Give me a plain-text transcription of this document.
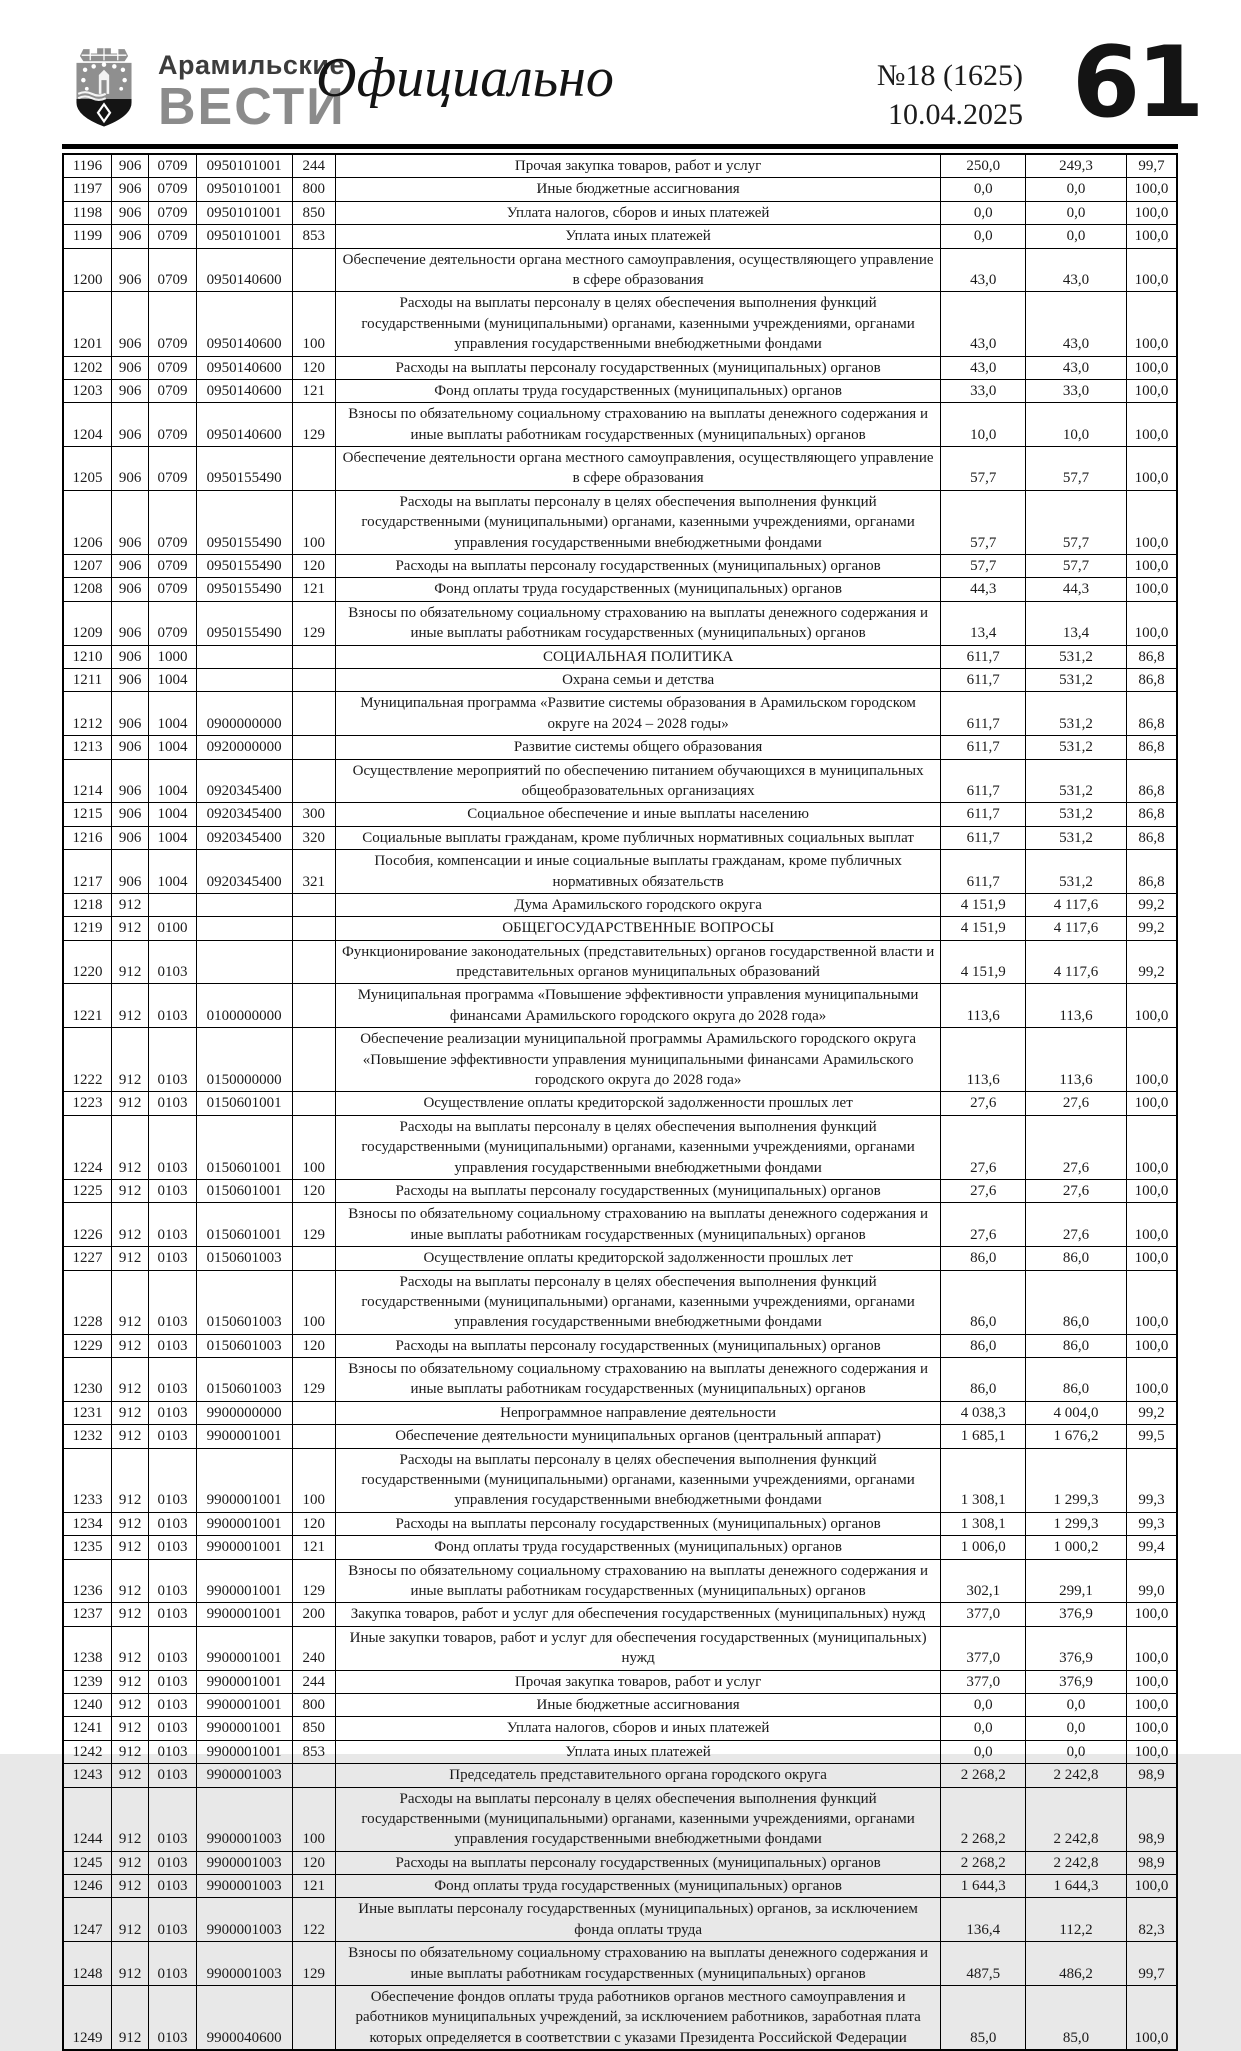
Арамильские
ВЕСТИ
Официально	№18 (1625)
10.04.2025 61
1196	906	0709	0950101001	244	Прочая закупка товаров, работ и услуг	250,0	249,3	99,7
1197	906	0709	0950101001	800	Иные бюджетные ассигнования	0,0	0,0	100,0
1198	906	0709	0950101001	850	Уплата налогов, сборов и иных платежей	0,0	0,0	100,0
1199	906	0709	0950101001	853	Уплата иных платежей	0,0	0,0	100,0
1200	906	0709	0950140600		Обеспечение деятельности органа местного самоуправления, осуществляющего управление в сфере образования	43,0	43,0	100,0
1201	906	0709	0950140600	100	Расходы на выплаты персоналу в целях обеспечения выполнения функций государственными (муниципальными) органами, казенными учреждениями, органами управления государственными внебюджетными фондами	43,0	43,0	100,0
1202	906	0709	0950140600	120	Расходы на выплаты персоналу государственных (муниципальных) органов	43,0	43,0	100,0
1203	906	0709	0950140600	121	Фонд оплаты труда государственных (муниципальных) органов	33,0	33,0	100,0
1204	906	0709	0950140600	129	Взносы по обязательному социальному страхованию на выплаты денежного содержания и иные выплаты работникам государственных (муниципальных) органов	10,0	10,0	100,0
1205	906	0709	0950155490		Обеспечение деятельности органа местного самоуправления, осуществляющего управление в сфере образования	57,7	57,7	100,0
1206	906	0709	0950155490	100	Расходы на выплаты персоналу в целях обеспечения выполнения функций государственными (муниципальными) органами, казенными учреждениями, органами управления государственными внебюджетными фондами	57,7	57,7	100,0
1207	906	0709	0950155490	120	Расходы на выплаты персоналу государственных (муниципальных) органов	57,7	57,7	100,0
1208	906	0709	0950155490	121	Фонд оплаты труда государственных (муниципальных) органов	44,3	44,3	100,0
1209	906	0709	0950155490	129	Взносы по обязательному социальному страхованию на выплаты денежного содержания и иные выплаты работникам государственных (муниципальных) органов	13,4	13,4	100,0
1210	906	1000			СОЦИАЛЬНАЯ ПОЛИТИКА	611,7	531,2	86,8
1211	906	1004			Охрана семьи и детства	611,7	531,2	86,8
1212	906	1004	0900000000		Муниципальная программа «Развитие системы образования в Арамильском городском округе на 2024 – 2028 годы»	611,7	531,2	86,8
1213	906	1004	0920000000		Развитие системы общего образования	611,7	531,2	86,8
1214	906	1004	0920345400		Осуществление мероприятий по обеспечению питанием обучающихся в муниципальных общеобразовательных организациях	611,7	531,2	86,8
1215	906	1004	0920345400	300	Социальное обеспечение и иные выплаты населению	611,7	531,2	86,8
1216	906	1004	0920345400	320	Социальные выплаты гражданам, кроме публичных нормативных социальных выплат	611,7	531,2	86,8
1217	906	1004	0920345400	321	Пособия, компенсации и иные социальные выплаты гражданам, кроме публичных нормативных обязательств	611,7	531,2	86,8
1218	912				Дума Арамильского городского округа	4 151,9	4 117,6	99,2
1219	912	0100			ОБЩЕГОСУДАРСТВЕННЫЕ ВОПРОСЫ	4 151,9	4 117,6	99,2
1220	912	0103			Функционирование законодательных (представительных) органов государственной власти и представительных органов муниципальных образований	4 151,9	4 117,6	99,2
1221	912	0103	0100000000		Муниципальная программа «Повышение эффективности управления муниципальными финансами Арамильского городского округа до 2028 года»	113,6	113,6	100,0
1222	912	0103	0150000000		Обеспечение реализации муниципальной программы Арамильского городского округа «Повышение эффективности управления муниципальными финансами Арамильского городского округа до 2028 года»	113,6	113,6	100,0
1223	912	0103	0150601001		Осуществление оплаты кредиторской задолженности прошлых лет	27,6	27,6	100,0
1224	912	0103	0150601001	100	Расходы на выплаты персоналу в целях обеспечения выполнения функций государственными (муниципальными) органами, казенными учреждениями, органами управления государственными внебюджетными фондами	27,6	27,6	100,0
1225	912	0103	0150601001	120	Расходы на выплаты персоналу государственных (муниципальных) органов	27,6	27,6	100,0
1226	912	0103	0150601001	129	Взносы по обязательному социальному страхованию на выплаты денежного содержания и иные выплаты работникам государственных (муниципальных) органов	27,6	27,6	100,0
1227	912	0103	0150601003		Осуществление оплаты кредиторской задолженности прошлых лет	86,0	86,0	100,0
1228	912	0103	0150601003	100	Расходы на выплаты персоналу в целях обеспечения выполнения функций государственными (муниципальными) органами, казенными учреждениями, органами управления государственными внебюджетными фондами	86,0	86,0	100,0
1229	912	0103	0150601003	120	Расходы на выплаты персоналу государственных (муниципальных) органов	86,0	86,0	100,0
1230	912	0103	0150601003	129	Взносы по обязательному социальному страхованию на выплаты денежного содержания и иные выплаты работникам государственных (муниципальных) органов	86,0	86,0	100,0
1231	912	0103	9900000000		Непрограммное направление деятельности	4 038,3	4 004,0	99,2
1232	912	0103	9900001001		Обеспечение деятельности муниципальных органов (центральный аппарат)	1 685,1	1 676,2	99,5
1233	912	0103	9900001001	100	Расходы на выплаты персоналу в целях обеспечения выполнения функций государственными (муниципальными) органами, казенными учреждениями, органами управления государственными внебюджетными фондами	1 308,1	1 299,3	99,3
1234	912	0103	9900001001	120	Расходы на выплаты персоналу государственных (муниципальных) органов	1 308,1	1 299,3	99,3
1235	912	0103	9900001001	121	Фонд оплаты труда государственных (муниципальных) органов	1 006,0	1 000,2	99,4
1236	912	0103	9900001001	129	Взносы по обязательному социальному страхованию на выплаты денежного содержания и иные выплаты работникам государственных (муниципальных) органов	302,1	299,1	99,0
1237	912	0103	9900001001	200	Закупка товаров, работ и услуг для обеспечения государственных (муниципальных) нужд	377,0	376,9	100,0
1238	912	0103	9900001001	240	Иные закупки товаров, работ и услуг для обеспечения государственных (муниципальных) нужд	377,0	376,9	100,0
1239	912	0103	9900001001	244	Прочая закупка товаров, работ и услуг	377,0	376,9	100,0
1240	912	0103	9900001001	800	Иные бюджетные ассигнования	0,0	0,0	100,0
1241	912	0103	9900001001	850	Уплата налогов, сборов и иных платежей	0,0	0,0	100,0
1242	912	0103	9900001001	853	Уплата иных платежей	0,0	0,0	100,0
1243	912	0103	9900001003		Председатель представительного органа городского округа	2 268,2	2 242,8	98,9
1244	912	0103	9900001003	100	Расходы на выплаты персоналу в целях обеспечения выполнения функций государственными (муниципальными) органами, казенными учреждениями, органами управления государственными внебюджетными фондами	2 268,2	2 242,8	98,9
1245	912	0103	9900001003	120	Расходы на выплаты персоналу государственных (муниципальных) органов	2 268,2	2 242,8	98,9
1246	912	0103	9900001003	121	Фонд оплаты труда государственных (муниципальных) органов	1 644,3	1 644,3	100,0
1247	912	0103	9900001003	122	Иные выплаты персоналу государственных (муниципальных) органов, за исключением фонда оплаты труда	136,4	112,2	82,3
1248	912	0103	9900001003	129	Взносы по обязательному социальному страхованию на выплаты денежного содержания и иные выплаты работникам государственных (муниципальных) органов	487,5	486,2	99,7
1249	912	0103	9900040600		Обеспечение фондов оплаты труда работников органов местного самоуправления и работников муниципальных учреждений, за исключением работников, заработная плата которых определяется в соответствии с указами Президента Российской Федерации	85,0	85,0	100,0
